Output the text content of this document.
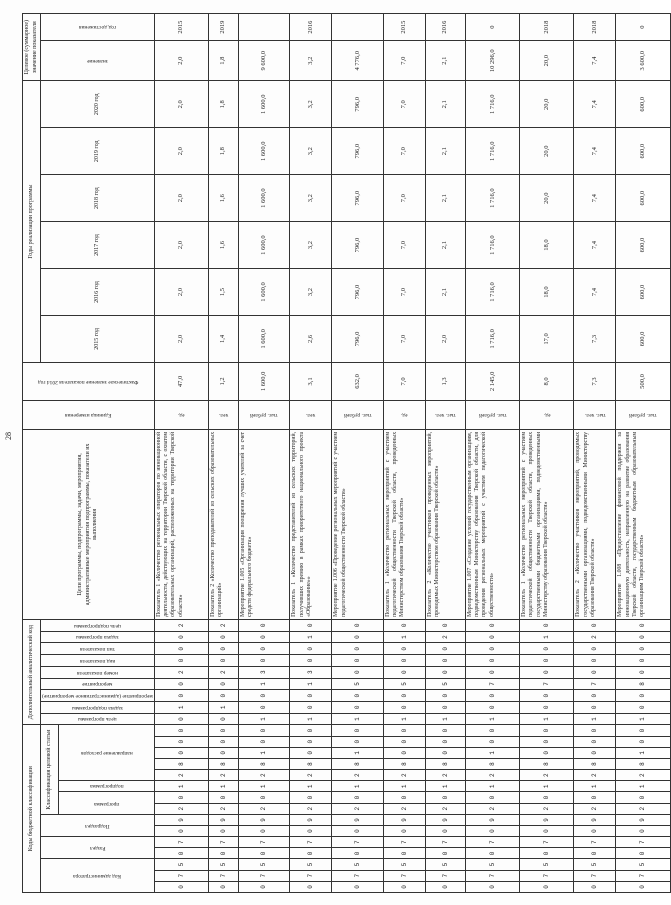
28
Коды бюджетной классификации															Дополнительный аналитический код									Цели программы, подпрограммы, задачи, мероприятия, административные мероприятия подпрограммы, показатели их выполнения	Единица измерения	Фактическое значение показателя 2014 год	Годы реализации программы						Целевое (суммарное) значение показателя	

Код администратора			Раздел		Подраздел		Классификация целевой статьи								цель программы	задача подпрограммы	мероприятие (административное мероприятие)	мероприятие	номер показателя	вид показателя	тип показателя	задача программы	цель подпрограммы				2015 год	2016 год	2017 год	2018 год	2019 год	2020 год	значение	год достижения

							программа		подпрограмма	направление расходов																								

0	7	5	0	7	0	9	2	0	1	2	8	0	0	0	0	1	0	0	2	0	0	0	2	Показатель 1 «Количество региональных операторов по инновационной деятельности, действующих на территории Тверской области, с охватом образовательных организаций, расположенных на территории Тверской области»	ед.	47,0	2,0	2,0	2,0	2,0	2,0	2,0	2,0	2015
0	7	5	0	7	0	9	2	0	1	2	8	0	0	0	0	1	0	0	2	0	0	0	2	Показатель 2 «Количество преподавателей из сельских образовательных организаций»	чел.	1,2	1,4	1,5	1,6	1,6	1,8	1,8	1,8	2019
0	7	5	0	7	0	9	2	0	1	2	8	1	0	0	1	0	0	1	3	0	0	0	0	Мероприятие 1.005 «Организация поощрения лучших учителей за счет средств федерального бюджета»	тыс. рублей	1 600,0	1 600,0	1 600,0	1 600,0	1 600,0	1 600,0	1 600,0	9 600,0	
0	7	5	0	7	0	9	2	0	1	2	8	0	0	0	1	0	0	1	3	0	0	1	0	Показатель 1 «Количество представителей из сельских территорий, получивших премию в рамках приоритетного национального проекта «Образование»»	чел.	3,1	2,6	3,2	3,2	3,2	3,2	3,2	3,2	2016
0	7	5	0	7	0	9	2	0	1	2	8	1	0	0	1	0	0	5	0	0	0	0	0	Мероприятие 1.006 «Проведение региональных мероприятий с участием педагогической общественности Тверской области»	тыс. рублей	632,0	796,0	796,0	796,0	796,0	796,0	796,0	4 776,0	
0	7	5	0	7	0	9	2	0	1	2	8	0	0	0	1	0	0	5	0	0	0	1	0	Показатель 1 «Количество региональных мероприятий с участием педагогической общественности Тверской области, проведенных Министерством образования Тверской области»	ед.	7,0	7,0	7,0	7,0	7,0	7,0	7,0	7,0	2015
0	7	5	0	7	0	9	2	0	1	2	8	0	0	0	1	0	0	5	0	0	0	2	0	Показатель 2 «Количество участников проведенных мероприятий, проводимых Министерством образования Тверской области»	тыс. чел.	1,3	2,0	2,1	2,1	2,1	2,1	2,1	2,1	2016
0	7	5	0	7	0	9	2	0	1	2	8	1	0	0	1	0	0	7	0	0	0	0	0	Мероприятие 1.007 «Создание условий государственным организациям, подведомственным Министерству образования Тверской области, для проведения региональных мероприятий с участием педагогической общественности»	тыс. рублей	2 145,0	1 716,0	1 716,0	1 716,0	1 716,0	1 716,0	1 716,0	10 296,0	0
0	7	5	0	7	0	9	2	0	1	2	8	0	0	0	1	0	0	7	0	0	0	1	0	Показатель 1 «Количество региональных мероприятий с участием педагогической общественности Тверской области, проведенных государственными бюджетными организациями, подведомственными Министерству образования Тверской области»	ед.	8,0	17,0	18,0	18,0	20,0	20,0	20,0	20,0	2018
0	7	5	0	7	0	9	2	0	1	2	8	0	0	0	1	0	0	7	0	0	0	2	0	Показатель 2 «Количество участников мероприятий, проводимых государственными организациями, подведомственными Министерству образования Тверской области»	тыс. чел.	7,3	7,3	7,4	7,4	7,4	7,4	7,4	7,4	2018
0	7	5	0	7	0	9	2	0	1	2	8	1	0	0	1	0	0	8	0	0	0	0	0	Мероприятие 1.008 «Предоставление финансовой поддержки за инновационную деятельность, направленную на развитие образования Тверской области, государственным бюджетным образовательным организациям Тверской области»	тыс. рублей	500,0	600,0	600,0	600,0	600,0	600,0	600,0	3 600,0	0
